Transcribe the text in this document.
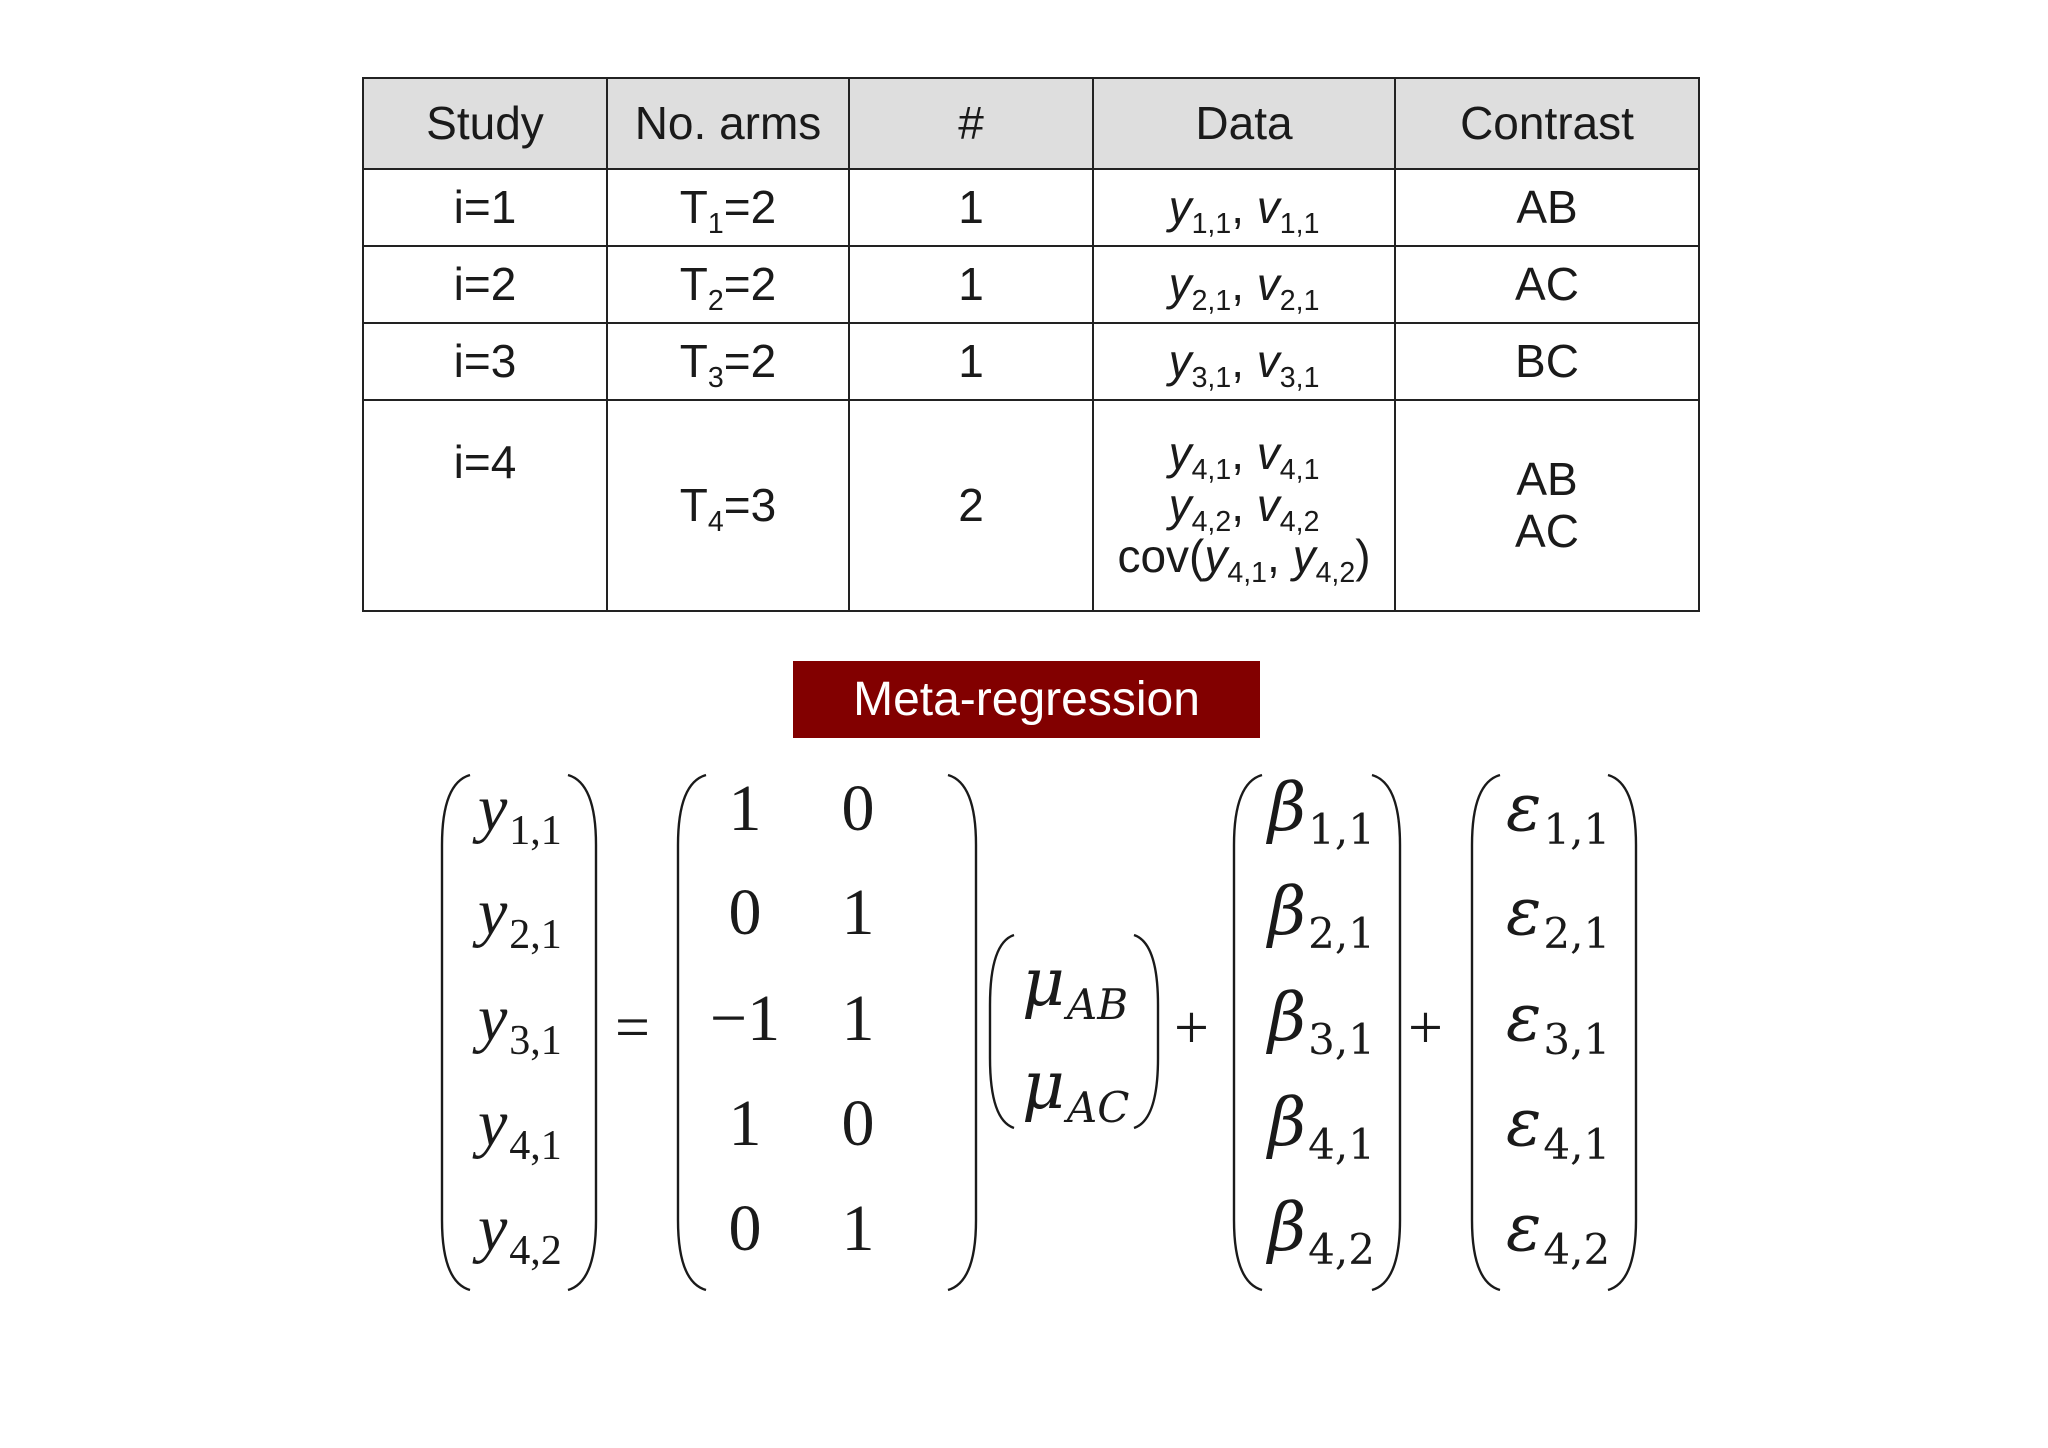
Study	No. arms	#	Data	Contrast
i=1	$T_1=2$	1	$y_{1,1}$, $v_{1,1}$	AB

i=2	$T_2=2$	1	$y_{2,1}$, $v_{2,1}$	AC

i=3	$T_3=2$	1	$y_{3,1}$, $v_{3,1}$	BC

i=4	$T_4=3$	2	$y_{4,1}$, $v_{4,1}$
$y_{4,2}$, $v_{4,2}$
$cov(y_{4,1}$, $y_{4,2}$)	AB
AC
Meta-regression
$y_{1,1}$
$y_{2,1}$
$y_{3,1}$
$y_{4,1}$
$y_{4,2}$
=
1 0
0 1
−1 1
1 0
0 1
$\mu_{AB}$
$\mu_{AC}$
+	+
$\beta_{1,1}$
$\beta_{2,1}$
$\beta_{3,1}$
$\beta_{4,1}$
$\beta_{4,2}$
$\varepsilon_{1,1}$
$\varepsilon_{2,1}$
$\varepsilon_{3,1}$
$\varepsilon_{4,1}$
$\varepsilon_{4,2}$
